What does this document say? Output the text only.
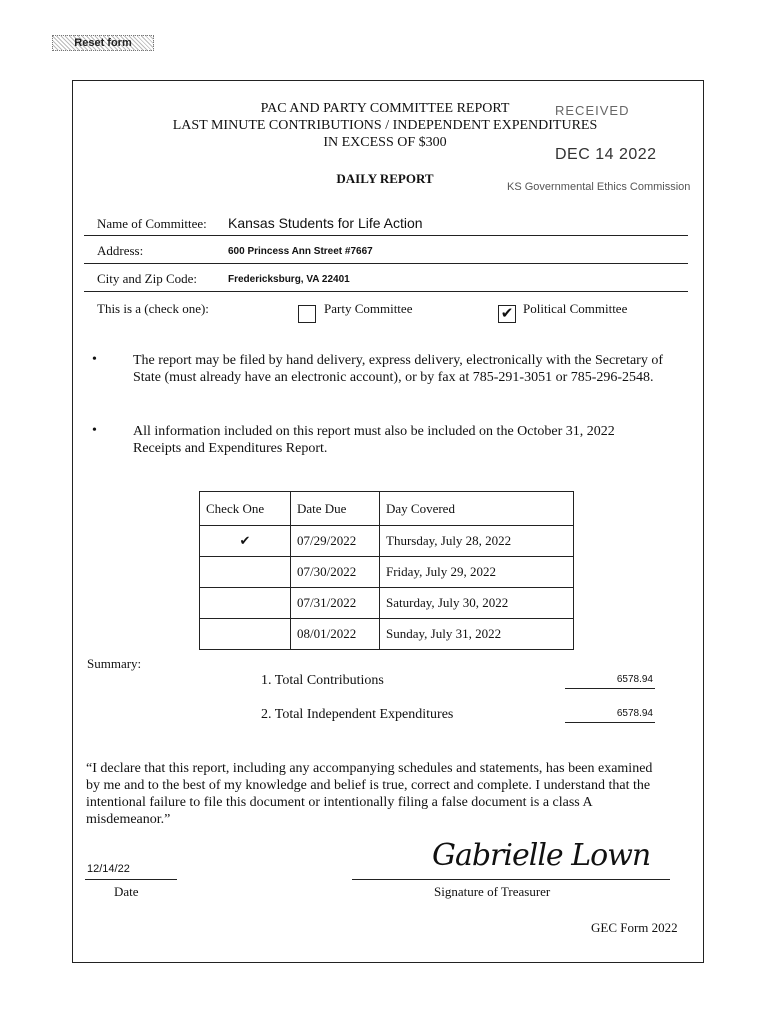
Reset form
PAC AND PARTY COMMITTEE REPORT
LAST MINUTE CONTRIBUTIONS / INDEPENDENT EXPENDITURES
IN EXCESS OF $300
DAILY REPORT
RECEIVED
DEC 14 2022
KS Governmental Ethics Commission
Name of Committee: Kansas Students for Life Action
Address:	600 Princess Ann Street #7667
City and Zip Code:	Fredericksburg, VA 22401
This is a (check one):	Party Committee	✔ Political Committee
•	The report may be filed by hand delivery, express delivery, electronically with the Secretary of
State (must already have an electronic account), or by fax at 785-291-3051 or 785-296-2548.
•	All information included on this report must also be included on the October 31, 2022
Receipts and Expenditures Report.
Check One	Date Due	Day Covered
✔	07/29/2022	Thursday, July 28, 2022
	07/30/2022	Friday, July 29, 2022
	07/31/2022	Saturday, July 30, 2022
	08/01/2022	Sunday, July 31, 2022
Summary:
1. Total Contributions	6578.94
2. Total Independent Expenditures	6578.94
“I declare that this report, including any accompanying schedules and statements, has been examined
by me and to the best of my knowledge and belief is true, correct and complete. I understand that the
intentional failure to file this document or intentionally filing a false document is a class A
misdemeanor.”
12/14/22
Date
Gabrielle Lown
Signature of Treasurer
GEC Form 2022
